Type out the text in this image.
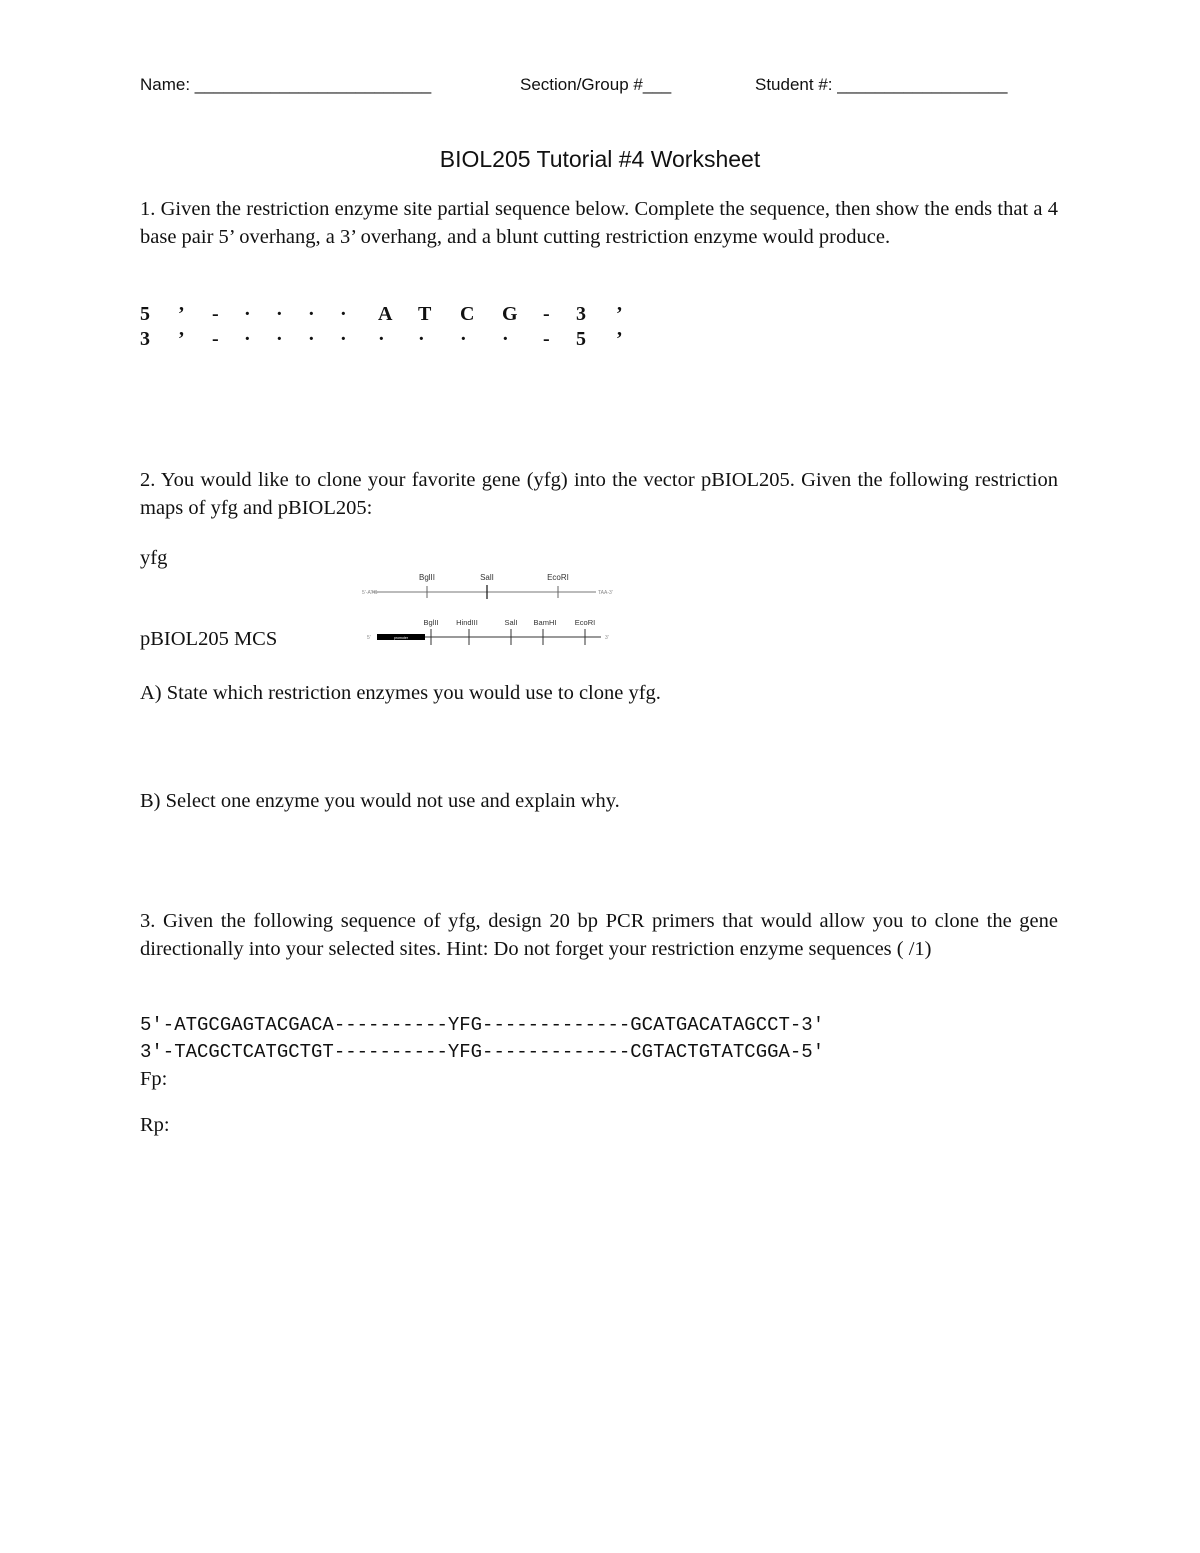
Name: _________________________	Section/Group #___	Student #: __________________
BIOL205 Tutorial #4 Worksheet
1. Given the restriction enzyme site partial sequence below. Complete the sequence, then show the ends that a 4 base pair 5’ overhang, a 3’ overhang, and a blunt cutting restriction enzyme would produce.
5 ’ - · · · · A T C G - 3 ’
3 ’ - · · · · · · · · - 5 ’
2. You would like to clone your favorite gene (yfg) into the vector pBIOL205. Given the following restriction maps of yfg and pBIOL205:
yfg
pBIOL205 MCS
5’-ATG	TAA-3’
BglII	SalI	EcoRI
5’	promoter	3’
BglII HindIII	SalI BamHI EcoRI
A) State which restriction enzymes you would use to clone yfg.
B) Select one enzyme you would not use and explain why.
3. Given the following sequence of yfg, design 20 bp PCR primers that would allow you to clone the gene directionally into your selected sites. Hint: Do not forget your restriction enzyme sequences ( /1)
5′-ATGCGAGTACGACA----------YFG-------------GCATGACATAGCCT-3′
3′-TACGCTCATGCTGT----------YFG-------------CGTACTGTATCGGA-5′
Fp:
Rp:
